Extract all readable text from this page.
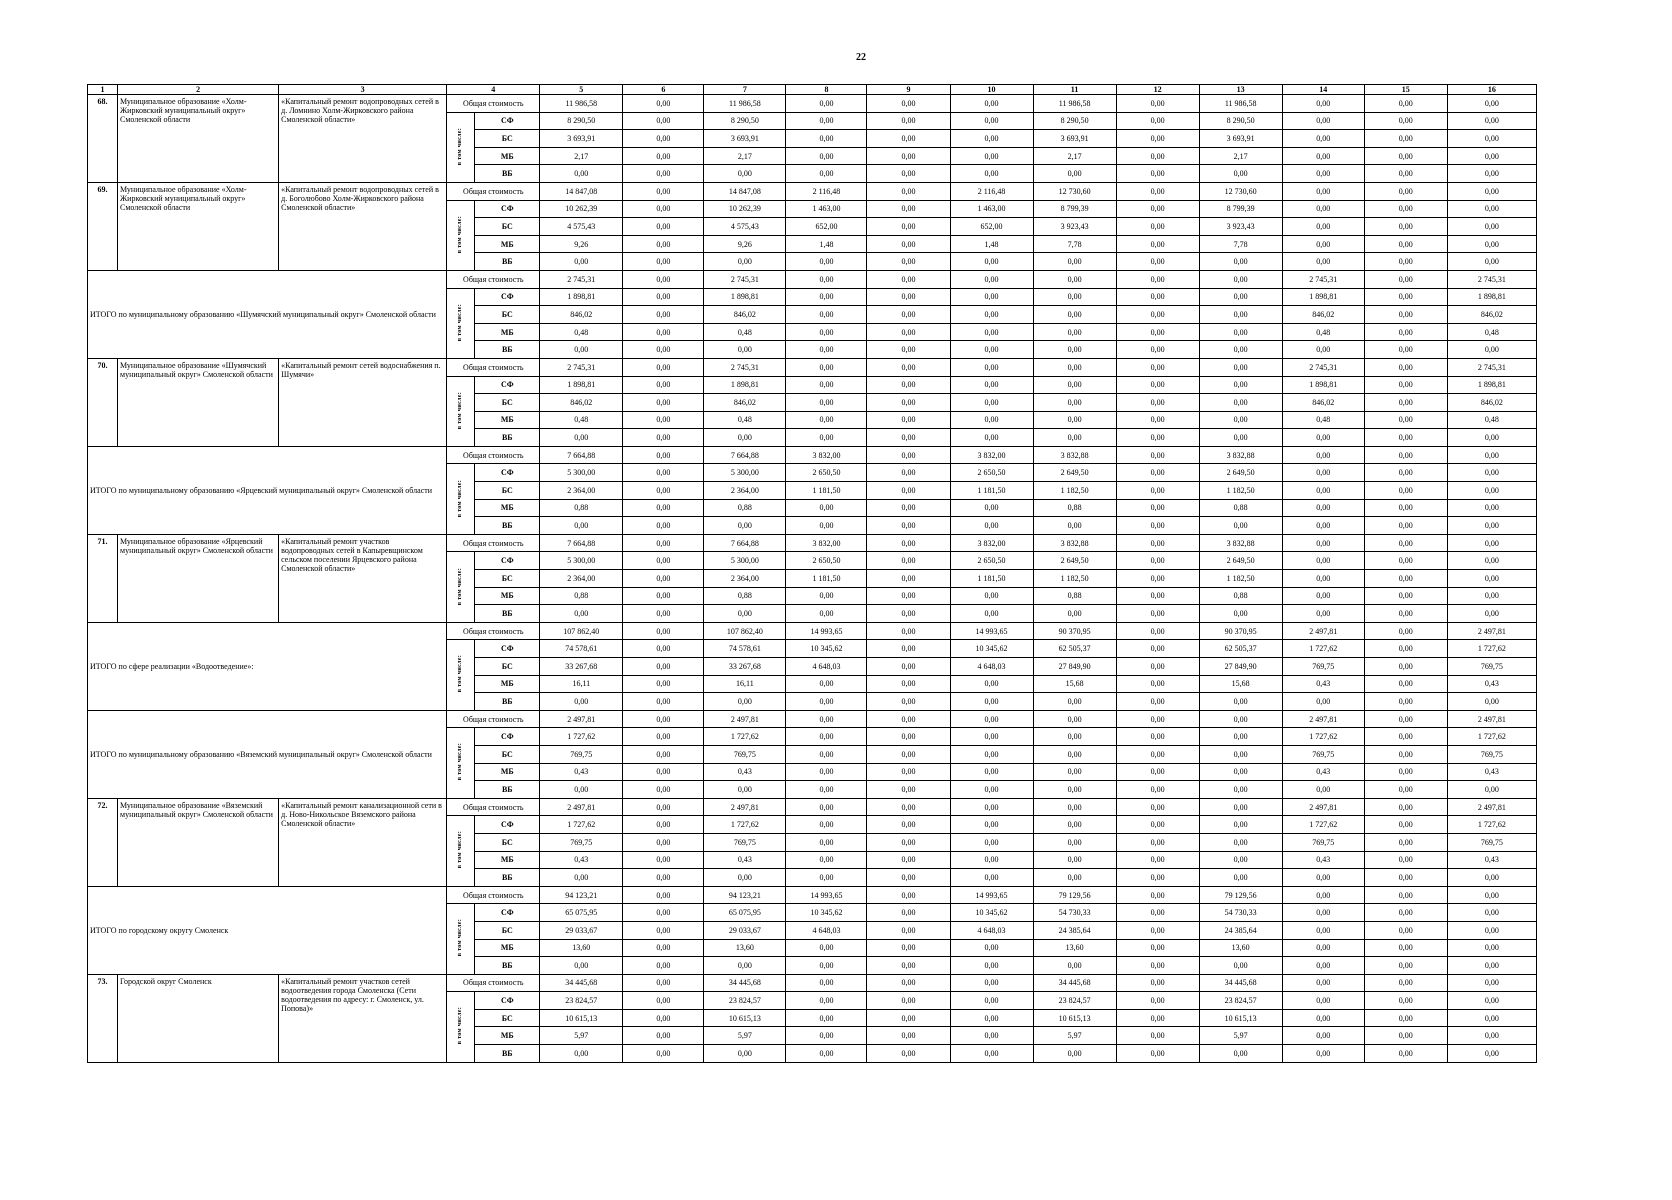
22
1	2	3	4		5	6	7	8	9	10	11	12	13	14	15	16
68.	Муниципальное образование «Холм-Жирковский муниципальный округ» Смоленской области	«Капитальный ремонт водопроводных сетей в д. Ломнино Холм-Жирковского района Смоленской области»	Общая стоимость		11 986,58	0,00	11 986,58	0,00	0,00	0,00	11 986,58	0,00	11 986,58	0,00	0,00	0,00
			в том числе:	СФ	8 290,50	0,00	8 290,50	0,00	0,00	0,00	8 290,50	0,00	8 290,50	0,00	0,00	0,00
				БС	3 693,91	0,00	3 693,91	0,00	0,00	0,00	3 693,91	0,00	3 693,91	0,00	0,00	0,00
				МБ	2,17	0,00	2,17	0,00	0,00	0,00	2,17	0,00	2,17	0,00	0,00	0,00
				ВБ	0,00	0,00	0,00	0,00	0,00	0,00	0,00	0,00	0,00	0,00	0,00	0,00
69.	Муниципальное образование «Холм-Жирковский муниципальный округ» Смоленской области	«Капитальный ремонт водопроводных сетей в д. Боголюбово Холм-Жирковского района Смоленской области»	Общая стоимость		14 847,08	0,00	14 847,08	2 116,48	0,00	2 116,48	12 730,60	0,00	12 730,60	0,00	0,00	0,00
			в том числе:	СФ	10 262,39	0,00	10 262,39	1 463,00	0,00	1 463,00	8 799,39	0,00	8 799,39	0,00	0,00	0,00
				БС	4 575,43	0,00	4 575,43	652,00	0,00	652,00	3 923,43	0,00	3 923,43	0,00	0,00	0,00
				МБ	9,26	0,00	9,26	1,48	0,00	1,48	7,78	0,00	7,78	0,00	0,00	0,00
				ВБ	0,00	0,00	0,00	0,00	0,00	0,00	0,00	0,00	0,00	0,00	0,00	0,00
ИТОГО по муниципальному образованию «Шумячский муниципальный округ» Смоленской области			Общая стоимость		2 745,31	0,00	2 745,31	0,00	0,00	0,00	0,00	0,00	0,00	2 745,31	0,00	2 745,31
			в том числе:	СФ	1 898,81	0,00	1 898,81	0,00	0,00	0,00	0,00	0,00	0,00	1 898,81	0,00	1 898,81
				БС	846,02	0,00	846,02	0,00	0,00	0,00	0,00	0,00	0,00	846,02	0,00	846,02
				МБ	0,48	0,00	0,48	0,00	0,00	0,00	0,00	0,00	0,00	0,48	0,00	0,48
				ВБ	0,00	0,00	0,00	0,00	0,00	0,00	0,00	0,00	0,00	0,00	0,00	0,00
70.	Муниципальное образование «Шумячский муниципальный округ» Смоленской области	«Капитальный ремонт сетей водоснабжения п. Шумячи»	Общая стоимость		2 745,31	0,00	2 745,31	0,00	0,00	0,00	0,00	0,00	0,00	2 745,31	0,00	2 745,31
			в том числе:	СФ	1 898,81	0,00	1 898,81	0,00	0,00	0,00	0,00	0,00	0,00	1 898,81	0,00	1 898,81
				БС	846,02	0,00	846,02	0,00	0,00	0,00	0,00	0,00	0,00	846,02	0,00	846,02
				МБ	0,48	0,00	0,48	0,00	0,00	0,00	0,00	0,00	0,00	0,48	0,00	0,48
				ВБ	0,00	0,00	0,00	0,00	0,00	0,00	0,00	0,00	0,00	0,00	0,00	0,00
ИТОГО по муниципальному образованию «Ярцевский муниципальный округ» Смоленской области			Общая стоимость		7 664,88	0,00	7 664,88	3 832,00	0,00	3 832,00	3 832,88	0,00	3 832,88	0,00	0,00	0,00
			в том числе:	СФ	5 300,00	0,00	5 300,00	2 650,50	0,00	2 650,50	2 649,50	0,00	2 649,50	0,00	0,00	0,00
				БС	2 364,00	0,00	2 364,00	1 181,50	0,00	1 181,50	1 182,50	0,00	1 182,50	0,00	0,00	0,00
				МБ	0,88	0,00	0,88	0,00	0,00	0,00	0,88	0,00	0,88	0,00	0,00	0,00
				ВБ	0,00	0,00	0,00	0,00	0,00	0,00	0,00	0,00	0,00	0,00	0,00	0,00
71.	Муниципальное образование «Ярцевский муниципальный округ» Смоленской области	«Капитальный ремонт участков водопроводных сетей в Капыревщинском сельском поселении Ярцевского района Смоленской области»	Общая стоимость		7 664,88	0,00	7 664,88	3 832,00	0,00	3 832,00	3 832,88	0,00	3 832,88	0,00	0,00	0,00
			в том числе:	СФ	5 300,00	0,00	5 300,00	2 650,50	0,00	2 650,50	2 649,50	0,00	2 649,50	0,00	0,00	0,00
				БС	2 364,00	0,00	2 364,00	1 181,50	0,00	1 181,50	1 182,50	0,00	1 182,50	0,00	0,00	0,00
				МБ	0,88	0,00	0,88	0,00	0,00	0,00	0,88	0,00	0,88	0,00	0,00	0,00
				ВБ	0,00	0,00	0,00	0,00	0,00	0,00	0,00	0,00	0,00	0,00	0,00	0,00
ИТОГО по сфере реализации «Водоотведение»:			Общая стоимость		107 862,40	0,00	107 862,40	14 993,65	0,00	14 993,65	90 370,95	0,00	90 370,95	2 497,81	0,00	2 497,81
			в том числе:	СФ	74 578,61	0,00	74 578,61	10 345,62	0,00	10 345,62	62 505,37	0,00	62 505,37	1 727,62	0,00	1 727,62
				БС	33 267,68	0,00	33 267,68	4 648,03	0,00	4 648,03	27 849,90	0,00	27 849,90	769,75	0,00	769,75
				МБ	16,11	0,00	16,11	0,00	0,00	0,00	15,68	0,00	15,68	0,43	0,00	0,43
				ВБ	0,00	0,00	0,00	0,00	0,00	0,00	0,00	0,00	0,00	0,00	0,00	0,00
ИТОГО по муниципальному образованию «Вяземский муниципальный округ» Смоленской области			Общая стоимость		2 497,81	0,00	2 497,81	0,00	0,00	0,00	0,00	0,00	0,00	2 497,81	0,00	2 497,81
			в том числе:	СФ	1 727,62	0,00	1 727,62	0,00	0,00	0,00	0,00	0,00	0,00	1 727,62	0,00	1 727,62
				БС	769,75	0,00	769,75	0,00	0,00	0,00	0,00	0,00	0,00	769,75	0,00	769,75
				МБ	0,43	0,00	0,43	0,00	0,00	0,00	0,00	0,00	0,00	0,43	0,00	0,43
				ВБ	0,00	0,00	0,00	0,00	0,00	0,00	0,00	0,00	0,00	0,00	0,00	0,00
72.	Муниципальное образование «Вяземский муниципальный округ» Смоленской области	«Капитальный ремонт канализационной сети в д. Ново-Никольское Вяземского района Смоленской области»	Общая стоимость		2 497,81	0,00	2 497,81	0,00	0,00	0,00	0,00	0,00	0,00	2 497,81	0,00	2 497,81
			в том числе:	СФ	1 727,62	0,00	1 727,62	0,00	0,00	0,00	0,00	0,00	0,00	1 727,62	0,00	1 727,62
				БС	769,75	0,00	769,75	0,00	0,00	0,00	0,00	0,00	0,00	769,75	0,00	769,75
				МБ	0,43	0,00	0,43	0,00	0,00	0,00	0,00	0,00	0,00	0,43	0,00	0,43
				ВБ	0,00	0,00	0,00	0,00	0,00	0,00	0,00	0,00	0,00	0,00	0,00	0,00
ИТОГО по городскому округу Смоленск			Общая стоимость		94 123,21	0,00	94 123,21	14 993,65	0,00	14 993,65	79 129,56	0,00	79 129,56	0,00	0,00	0,00
			в том числе:	СФ	65 075,95	0,00	65 075,95	10 345,62	0,00	10 345,62	54 730,33	0,00	54 730,33	0,00	0,00	0,00
				БС	29 033,67	0,00	29 033,67	4 648,03	0,00	4 648,03	24 385,64	0,00	24 385,64	0,00	0,00	0,00
				МБ	13,60	0,00	13,60	0,00	0,00	0,00	13,60	0,00	13,60	0,00	0,00	0,00
				ВБ	0,00	0,00	0,00	0,00	0,00	0,00	0,00	0,00	0,00	0,00	0,00	0,00
73.	Городской округ Смоленск	«Капитальный ремонт участков сетей водоотведения города Смоленска (Сети водоотведения по адресу: г. Смоленск, ул. Попова)»	Общая стоимость		34 445,68	0,00	34 445,68	0,00	0,00	0,00	34 445,68	0,00	34 445,68	0,00	0,00	0,00
			в том числе:	СФ	23 824,57	0,00	23 824,57	0,00	0,00	0,00	23 824,57	0,00	23 824,57	0,00	0,00	0,00
				БС	10 615,13	0,00	10 615,13	0,00	0,00	0,00	10 615,13	0,00	10 615,13	0,00	0,00	0,00
				МБ	5,97	0,00	5,97	0,00	0,00	0,00	5,97	0,00	5,97	0,00	0,00	0,00
				ВБ	0,00	0,00	0,00	0,00	0,00	0,00	0,00	0,00	0,00	0,00	0,00	0,00
